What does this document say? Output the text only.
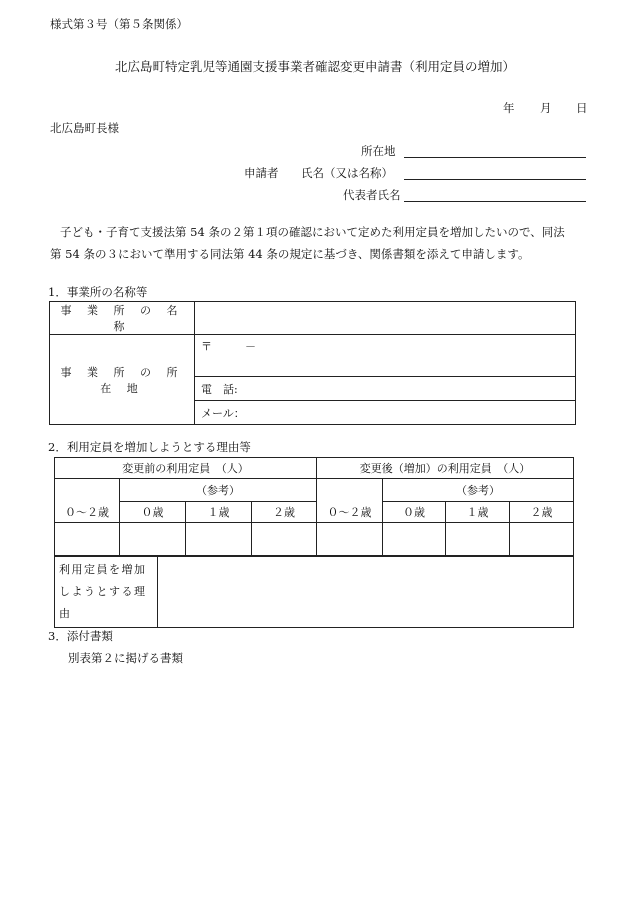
様式第３号（第５条関係）
北広島町特定乳児等通園支援事業者確認変更申請書（利用定員の増加）
年 月 日
北広島町長様
所在地
申請者 氏名（又は名称）
代表者氏名
子ども・子育て支援法第 54 条の２第１項の確認において定めた利用定員を増加したいので、同法
第 54 条の３において準用する同法第 44 条の規定に基づき、関係書類を添えて申請します。
1．事業所の名称等
事 業 所 の 名 称	
事 業 所 の 所 在 地	〒　　　－
	電　話:
	メール：
2．利用定員を増加しようとする理由等
変更前の利用定員　（人）				変更後（増加）の利用定員　（人）			
	（参考）				（参考）		
０～２歳	０歳	１歳	２歳	０～２歳	０歳	１歳	２歳

利用定員を増加しようとする理由	
3．添付書類
別表第２に掲げる書類
